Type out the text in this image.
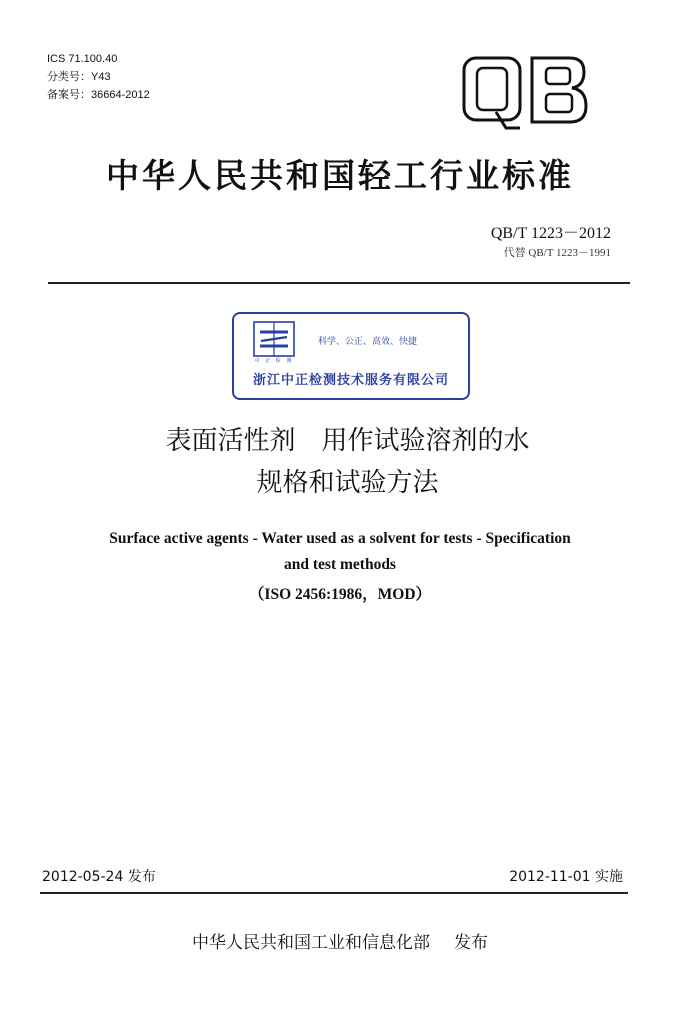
ICS 71.100.40
分类号：Y43
备案号：36664-2012
中华人民共和国轻工行业标准
QB/T 1223－2012
代替 QB/T 1223－1991
中 正 检 测
科学、公正、高效、快捷
浙江中正检测技术服务有限公司
表面活性剂　用作试验溶剂的水
规格和试验方法
Surface active agents - Water used as a solvent for tests - Specification
and test methods
（ISO 2456:1986，MOD）
2012-05-24 发布	2012-11-01 实施
中华人民共和国工业和信息化部 发布
